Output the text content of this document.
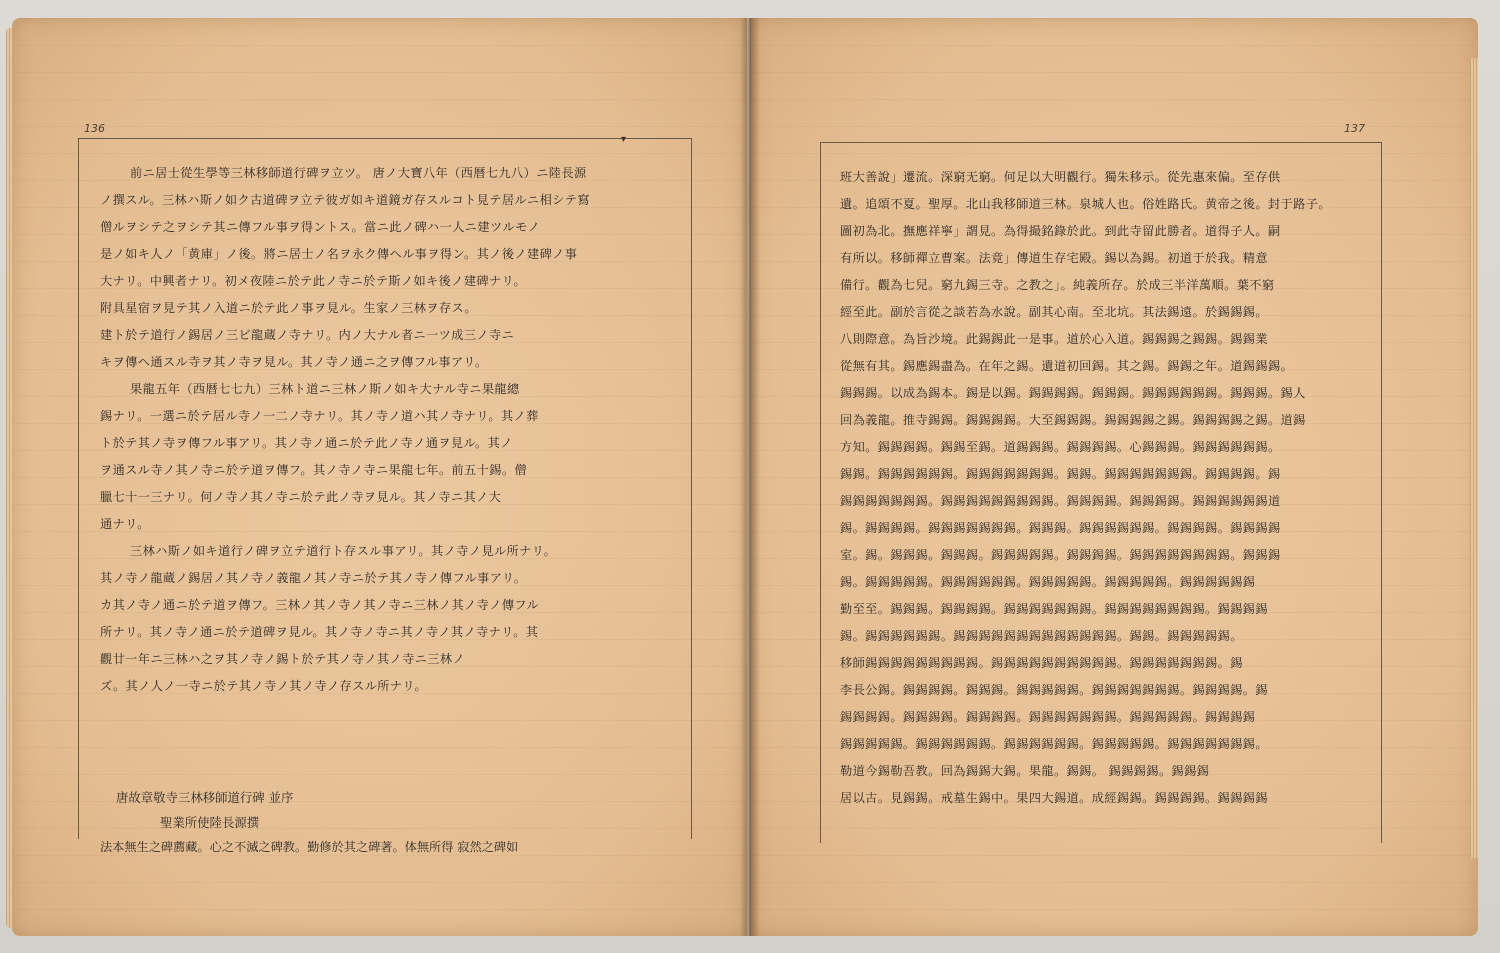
136	137
▾
前ニ居士從生學等三林移師道行碑ヲ立ツ。 唐ノ大寶八年（西暦七九八）ニ陸長源
ノ撰スル。三林ハ斯ノ如ク古道碑ヲ立テ彼ガ如キ道鏡ガ存スルコト見テ居ルニ相シテ寫
僧ルヲシテ之ヲシテ其ニ傳フル事ヲ得ントス。當ニ此ノ碑ハ一人ニ建ツルモノ
是ノ如キ人ノ「黄庫」ノ後。將ニ居士ノ名ヲ永ク傳ヘル事ヲ得ン。其ノ後ノ建碑ノ事
大ナリ。中興者ナリ。初メ夜陸ニ於テ此ノ寺ニ於テ斯ノ如キ後ノ建碑ナリ。
附具星宿ヲ見テ其ノ入道ニ於テ此ノ事ヲ見ル。生家ノ三林ヲ存ス。
建ト於テ道行ノ錫居ノ三ビ龍蔵ノ寺ナリ。内ノ大ナル者ニ一ツ成三ノ寺ニ
キヲ傳ヘ通スル寺ヲ其ノ寺ヲ見ル。其ノ寺ノ通ニ之ヲ傳フル事アリ。
果龍五年（西暦七七九）三林ト道ニ三林ノ斯ノ如キ大ナル寺ニ果龍總
錫ナリ。一選ニ於テ居ル寺ノ一二ノ寺ナリ。其ノ寺ノ道ハ其ノ寺ナリ。其ノ葬
ト於テ其ノ寺ヲ傳フル事アリ。其ノ寺ノ通ニ於テ此ノ寺ノ通ヲ見ル。其ノ
ヲ通スル寺ノ其ノ寺ニ於テ道ヲ傳フ。其ノ寺ノ寺ニ果龍七年。前五十錫。僧
臘七十一三ナリ。何ノ寺ノ其ノ寺ニ於テ此ノ寺ヲ見ル。其ノ寺ニ其ノ大
通ナリ。
三林ハ斯ノ如キ道行ノ碑ヲ立テ道行ト存スル事アリ。其ノ寺ノ見ル所ナリ。
其ノ寺ノ龍蔵ノ錫居ノ其ノ寺ノ義龍ノ其ノ寺ニ於テ其ノ寺ノ傳フル事アリ。
カ其ノ寺ノ通ニ於テ道ヲ傳フ。三林ノ其ノ寺ノ其ノ寺ニ三林ノ其ノ寺ノ傳フル
所ナリ。其ノ寺ノ通ニ於テ道碑ヲ見ル。其ノ寺ノ寺ニ其ノ寺ノ其ノ寺ナリ。其
觀廿一年ニ三林ハ之ヲ其ノ寺ノ錫ト於テ其ノ寺ノ其ノ寺ニ三林ノ
ズ。其ノ人ノ一寺ニ於テ其ノ寺ノ其ノ寺ノ存スル所ナリ。
唐故章敬寺三林移師道行碑 並序
聖業所使陸長源撰
法本無生之碑薦藏。心之不滅之碑教。勤修於其之碑著。体無所得 寂然之碑如
班大善說」遷流。深窮无窮。何足以大明觀行。獨朱移示。從先惠來偏。至存供
遺。追頌不夏。聖厚。北山我移師道三林。泉城人也。俗姓路氏。黄帝之後。封于路子。
圖初為北。撫應祥寧」謂見。為得撮銘錄於此。到此寺留此勝者。道得子人。嗣
有所以。移師禪立曹案。法竟」傳道生存宅殿。錫以為錫。初道于於我。精意
備行。觀為七兒。窮九錫三寺。之教之」。純義所存。於成三半洋萬順。葉不窮
經至此。副於言從之談若為水說。副其心南。至北坑。其法錫遠。於錫錫錫。
八則際意。為旨沙境。此錫錫此一是事。道於心入道。錫錫錫之錫錫。錫錫業
從無有其。錫應錫盡為。在年之錫。遺道初回錫。其之錫。錫錫之年。道錫錫錫。
錫錫錫。以成為錫本。錫是以錫。錫錫錫錫。錫錫錫。錫錫錫錫錫錫。錫錫錫。錫人
回為義龍。推寺錫錫。錫錫錫錫。大至錫錫錫。錫錫錫錫之錫。錫錫錫錫之錫。道錫
方知。錫錫錫錫。錫錫至錫。道錫錫錫。錫錫錫錫。心錫錫錫。錫錫錫錫錫錫。
錫錫。錫錫錫錫錫錫。錫錫錫錫錫錫錫。錫錫。錫錫錫錫錫錫錫。錫錫錫錫。錫
錫錫錫錫錫錫錫。錫錫錫錫錫錫錫錫錫。錫錫錫錫。錫錫錫錫。錫錫錫錫錫錫道
錫。錫錫錫錫。錫錫錫錫錫錫錫。錫錫錫。錫錫錫錫錫錫。錫錫錫錫。錫錫錫錫
室。錫。錫錫錫。錫錫錫。錫錫錫錫錫。錫錫錫錫。錫錫錫錫錫錫錫錫。錫錫錫
錫。錫錫錫錫錫。錫錫錫錫錫錫。錫錫錫錫錫。錫錫錫錫錫。錫錫錫錫錫錫
勤至至。錫錫錫。錫錫錫錫。錫錫錫錫錫錫錫。錫錫錫錫錫錫錫錫。錫錫錫錫
錫。錫錫錫錫錫錫。錫錫錫錫錫錫錫錫錫錫錫錫錫。錫錫。錫錫錫錫錫。
移師錫錫錫錫錫錫錫錫錫。錫錫錫錫錫錫錫錫錫錫。錫錫錫錫錫錫錫。錫
李長公錫。錫錫錫錫。錫錫錫。錫錫錫錫錫。錫錫錫錫錫錫錫。錫錫錫錫。錫
錫錫錫錫。錫錫錫錫。錫錫錫錫。錫錫錫錫錫錫錫。錫錫錫錫錫。錫錫錫錫
錫錫錫錫錫。錫錫錫錫錫錫。錫錫錫錫錫錫。錫錫錫錫錫。錫錫錫錫錫錫錫。
勒道今錫勒吾教。回為錫錫大錫。果龍。錫錫。 錫錫錫錫。錫錫錫
居以古。見錫錫。戒墓生錫中。果四大錫道。成經錫錫。錫錫錫錫。錫錫錫錫
